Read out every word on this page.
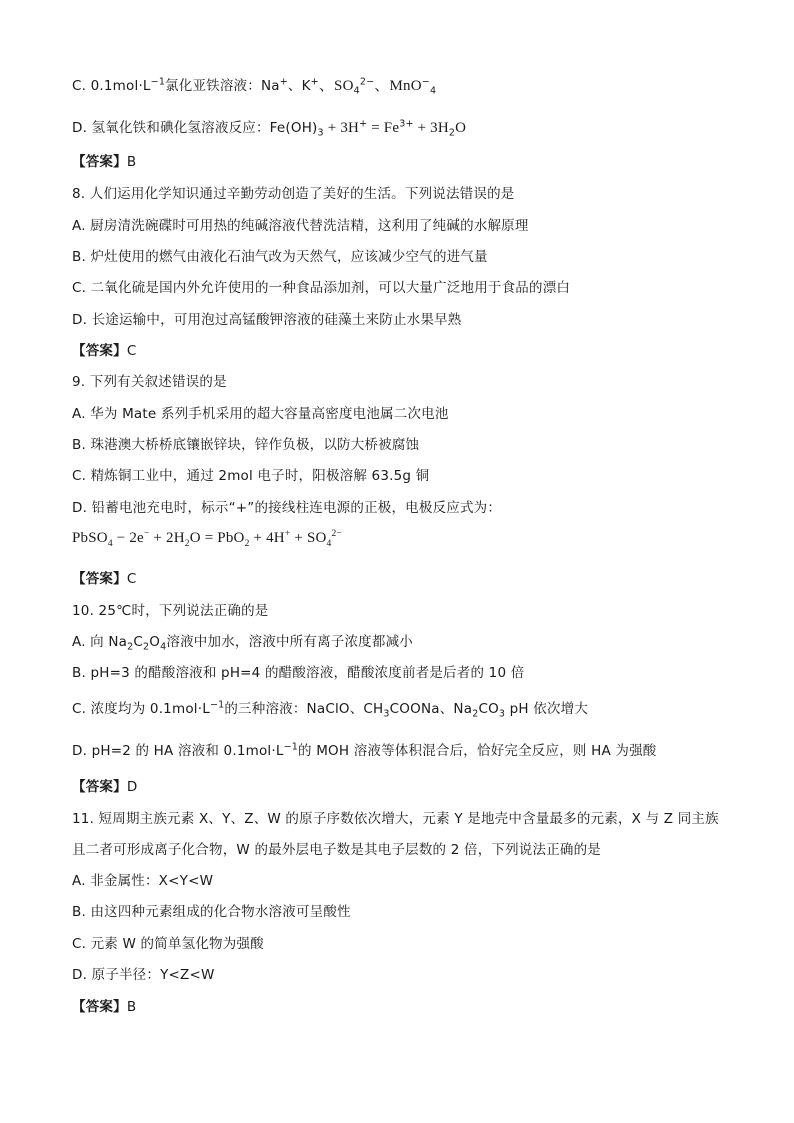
C. $0.1mol\cdot L^{-1}$氯化亚铁溶液：Na+、K+、$SO_4^{2-}$、MnO−$_4$
D. 氢氧化铁和碘化氢溶液反应：$Fe(OH)_3 + 3H^+ = Fe^{3+} + 3H_2O$
【答案】B
8. 人们运用化学知识通过辛勤劳动创造了美好的生活。下列说法错误的是
A. 厨房清洗碗碟时可用热的纯碱溶液代替洗洁精，这利用了纯碱的水解原理
B. 炉灶使用的燃气由液化石油气改为天然气，应该减少空气的进气量
C. 二氧化硫是国内外允许使用的一种食品添加剂，可以大量广泛地用于食品的漂白
D. 长途运输中，可用泡过高锰酸钾溶液的硅藻土来防止水果早熟
【答案】C
9. 下列有关叙述错误的是
A. 华为 Mate 系列手机采用的超大容量高密度电池属二次电池
B. 珠港澳大桥桥底镶嵌锌块，锌作负极，以防大桥被腐蚀
C. 精炼铜工业中，通过 2mol 电子时，阳极溶解 63.5g 铜
D. 铅蓄电池充电时，标示“+”的接线柱连电源的正极，电极反应式为：
PbSO$_4$ − $2e^- + 2H_2O = PbO_2 + 4H^+ + SO_4^{2-}$
【答案】C
10. 25℃时，下列说法正确的是
A. 向 $Na_2C_2O_4$溶液中加水，溶液中所有离子浓度都减小
B. pH=3 的醋酸溶液和 pH=4 的醋酸溶液，醋酸浓度前者是后者的 10 倍
C. 浓度均为 $0.1mol\cdot L^{-1}$的三种溶液：NaClO、$CH_3COONa$、$Na_2CO_3$ pH 依次增大
D. pH=2 的 HA 溶液和 $0.1mol\cdot L^{-1}$的 MOH 溶液等体积混合后，恰好完全反应，则 HA 为强酸
【答案】D
11. 短周期主族元素 X、Y、Z、W 的原子序数依次增大，元素 Y 是地壳中含量最多的元素，X 与 Z 同主族
且二者可形成离子化合物，W 的最外层电子数是其电子层数的 2 倍，下列说法正确的是
A. 非金属性：X<Y<W
B. 由这四种元素组成的化合物水溶液可呈酸性
C. 元素 W 的简单氢化物为强酸
D. 原子半径：Y<Z<W
【答案】B
